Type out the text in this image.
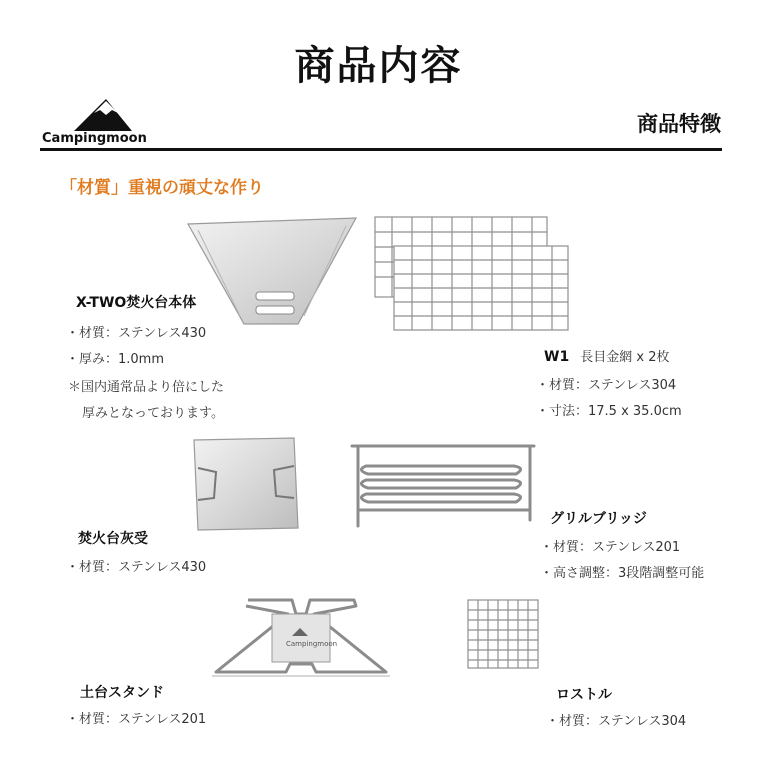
商品内容
Campingmoon
商品特徴
「材質」重視の頑丈な作り
X-TWO焚火台本体
・材質：ステンレス430
・厚み：1.0mm
＊国内通常品より倍にした
厚みとなっております。
W1 長目金網 x 2枚
・材質：ステンレス304
・寸法：17.5 x 35.0cm
焚火台灰受
・材質：ステンレス430
グリルブリッジ
・材質：ステンレス201
・高さ調整：3段階調整可能
Campingmoon
土台スタンド
・材質：ステンレス201
ロストル
・材質：ステンレス304
